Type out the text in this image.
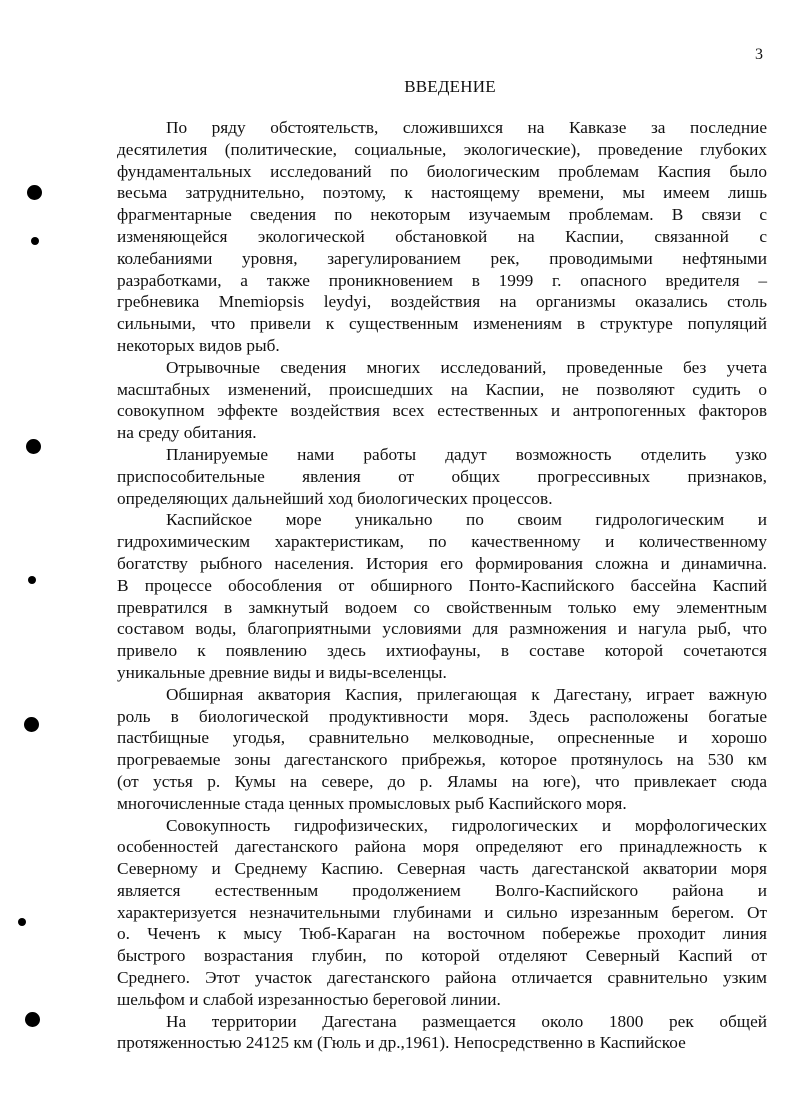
3
ВВЕДЕНИЕ
По ряду обстоятельств, сложившихся на Кавказе за последние
десятилетия (политические, социальные, экологические), проведение глубоких
фундаментальных исследований по биологическим проблемам Каспия было
весьма затруднительно, поэтому, к настоящему времени, мы имеем лишь
фрагментарные сведения по некоторым изучаемым проблемам. В связи с
изменяющейся экологической обстановкой на Каспии, связанной с
колебаниями уровня, зарегулированием рек, проводимыми нефтяными
разработками, а также проникновением в 1999 г. опасного вредителя –
гребневика Mnemiopsis leydyi, воздействия на организмы оказались столь
сильными, что привели к существенным изменениям в структуре популяций
некоторых видов рыб.
Отрывочные сведения многих исследований, проведенные без учета
масштабных изменений, происшедших на Каспии, не позволяют судить о
совокупном эффекте воздействия всех естественных и антропогенных факторов
на среду обитания.
Планируемые нами работы дадут возможность отделить узко
приспособительные явления от общих прогрессивных признаков,
определяющих дальнейший ход биологических процессов.
Каспийское море уникально по своим гидрологическим и
гидрохимическим характеристикам, по качественному и количественному
богатству рыбного населения. История его формирования сложна и динамична.
В процессе обособления от обширного Понто-Каспийского бассейна Каспий
превратился в замкнутый водоем со свойственным только ему элементным
составом воды, благоприятными условиями для размножения и нагула рыб, что
привело к появлению здесь ихтиофауны, в составе которой сочетаются
уникальные древние виды и виды-вселенцы.
Обширная акватория Каспия, прилегающая к Дагестану, играет важную
роль в биологической продуктивности моря. Здесь расположены богатые
пастбищные угодья, сравнительно мелководные, опресненные и хорошо
прогреваемые зоны дагестанского прибрежья, которое протянулось на 530 км
(от устья р. Кумы на севере, до р. Яламы на юге), что привлекает сюда
многочисленные стада ценных промысловых рыб Каспийского моря.
Совокупность гидрофизических, гидрологических и морфологических
особенностей дагестанского района моря определяют его принадлежность к
Северному и Среднему Каспию. Северная часть дагестанской акватории моря
является естественным продолжением Волго-Каспийского района и
характеризуется незначительными глубинами и сильно изрезанным берегом. От
о. Чеченъ к мысу Тюб-Караган на восточном побережье проходит линия
быстрого возрастания глубин, по которой отделяют Северный Каспий от
Среднего. Этот участок дагестанского района отличается сравнительно узким
шельфом и слабой изрезанностью береговой линии.
На территории Дагестана размещается около 1800 рек общей
протяженностью 24125 км (Гюль и др.,1961). Непосредственно в Каспийское
